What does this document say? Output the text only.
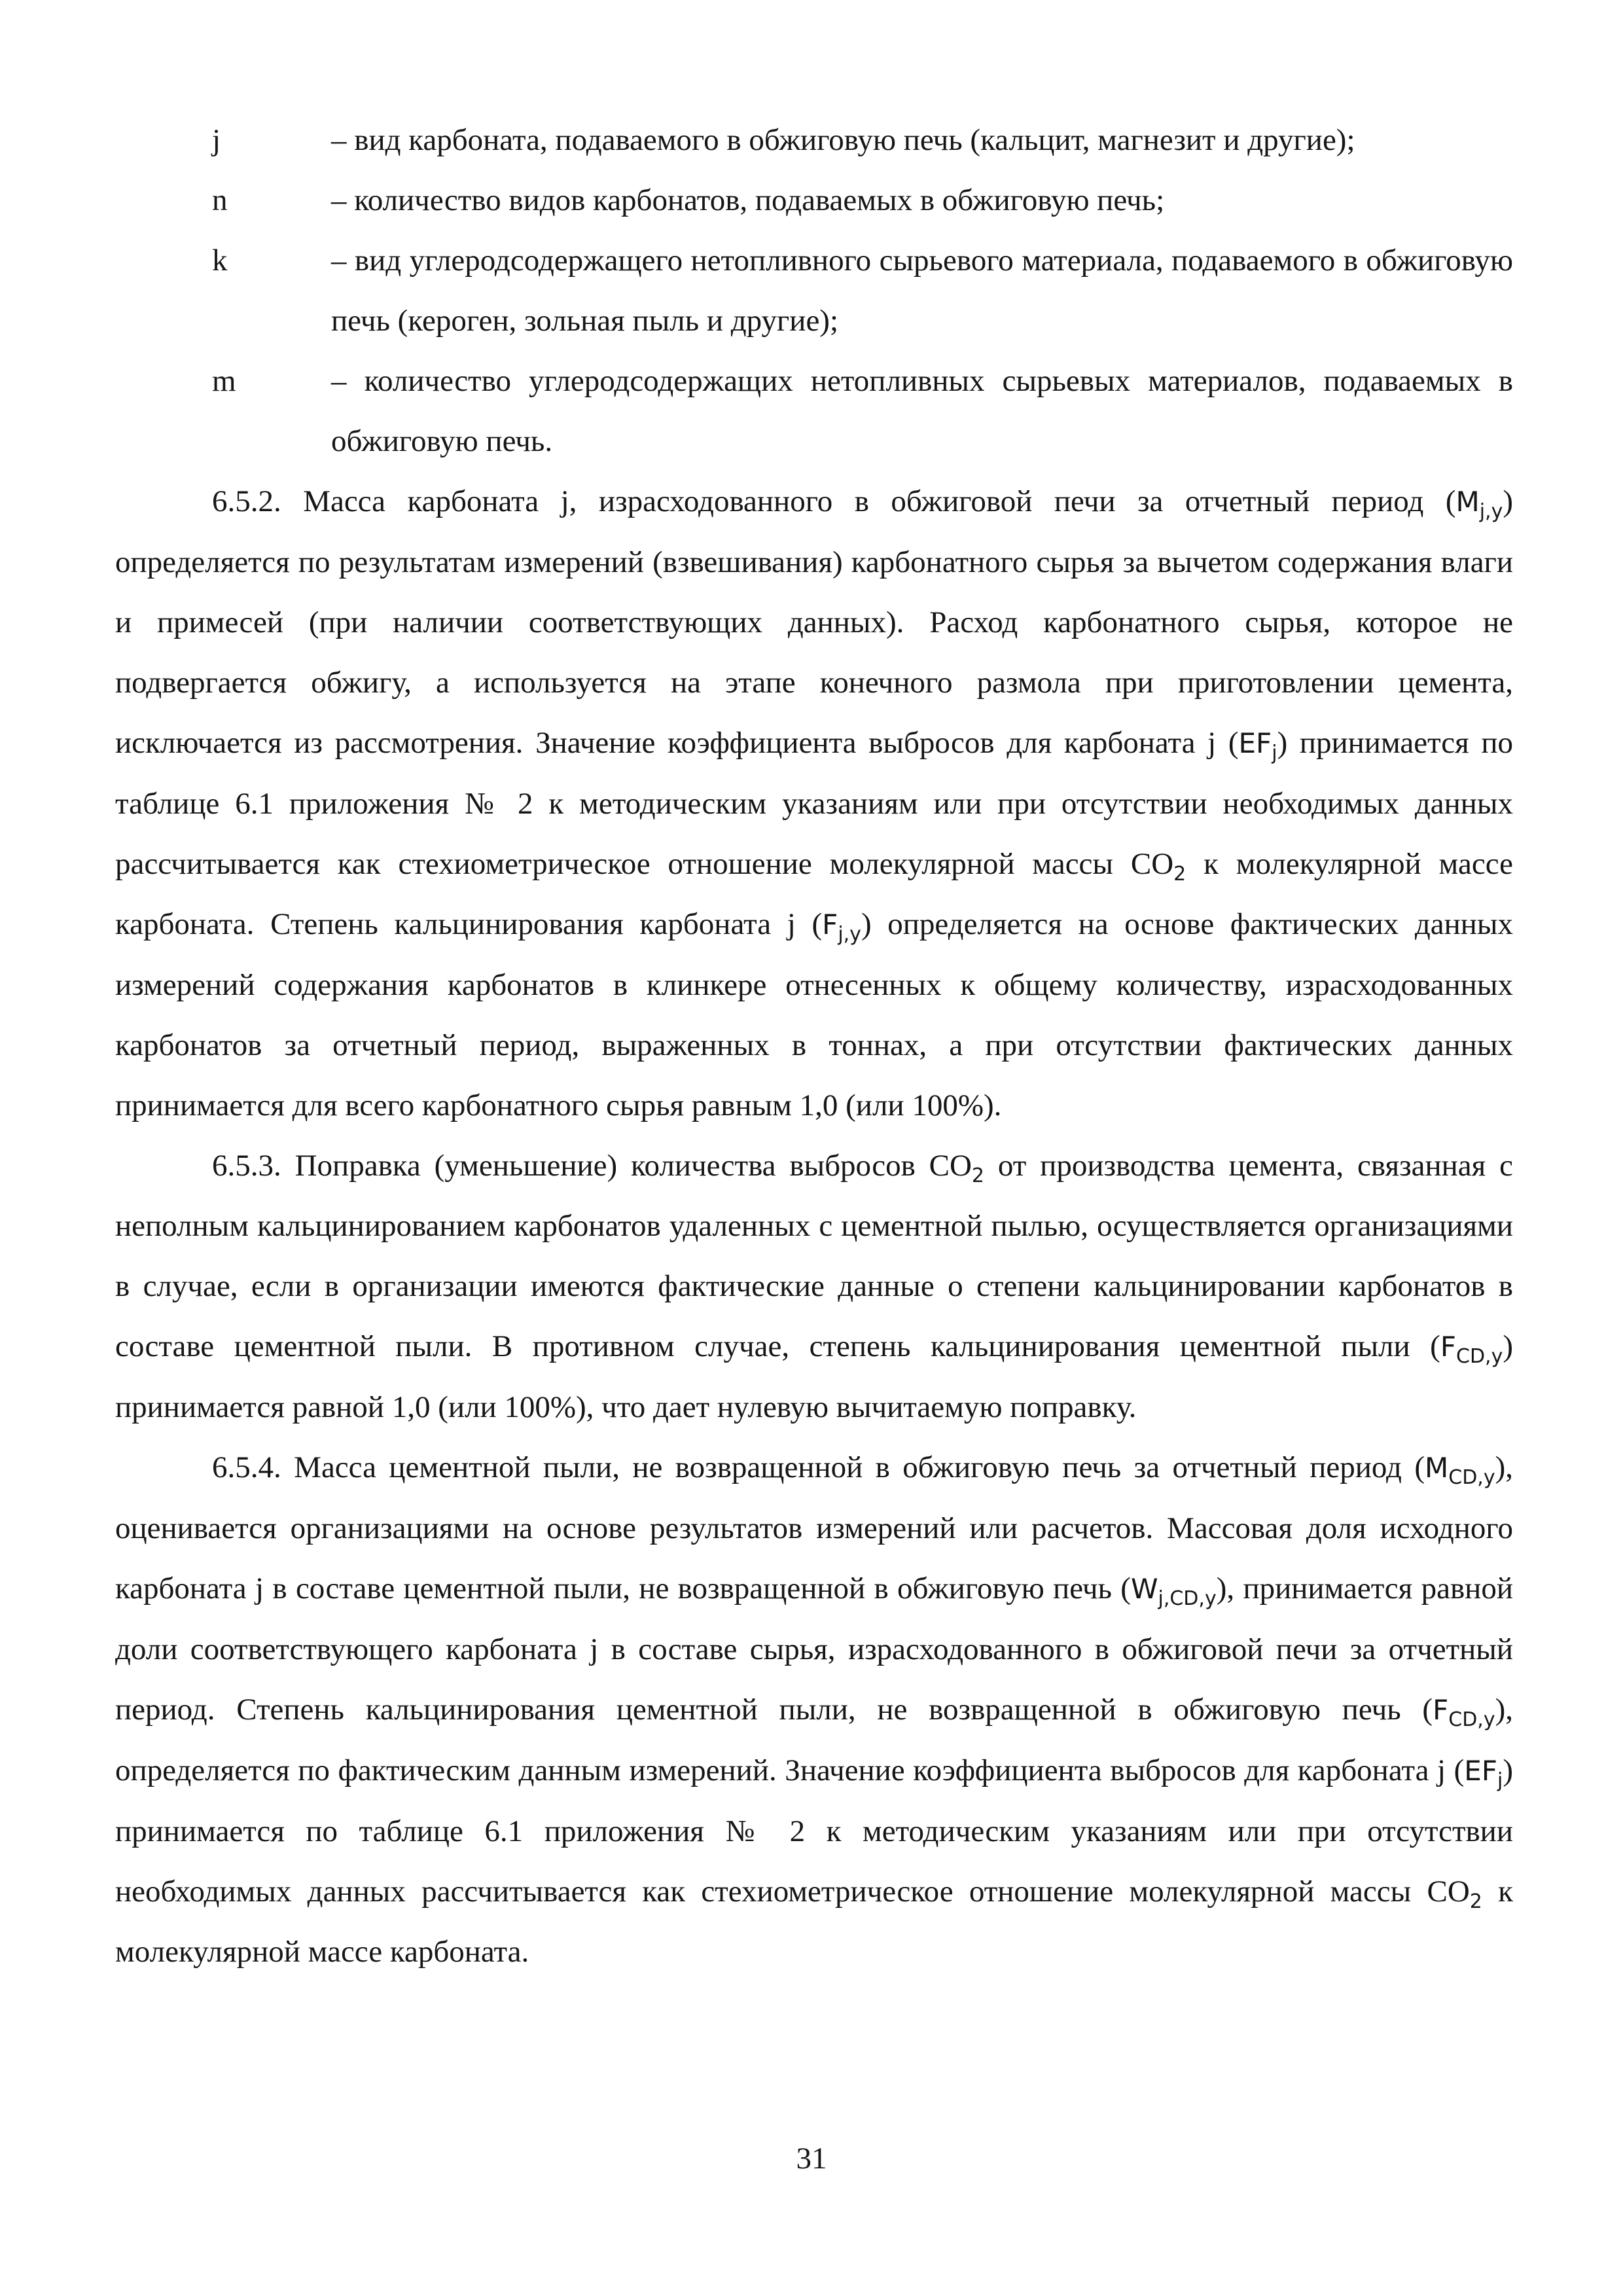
j	– вид карбоната, подаваемого в обжиговую печь (кальцит, магнезит и другие);
n	– количество видов карбонатов, подаваемых в обжиговую печь;
k	– вид углеродсодержащего нетопливного сырьевого материала, подаваемого в обжиговую печь (кероген, зольная пыль и другие);
m	– количество углеродсодержащих нетопливных сырьевых материалов, подаваемых в обжиговую печь.

6.5.2. Масса карбоната j, израсходованного в обжиговой печи за отчетный период $(M_{j,y})$ определяется по результатам измерений (взвешивания) карбонатного сырья за вычетом содержания влаги и примесей (при наличии соответствующих данных). Расход карбонатного сырья, которое не подвергается обжигу, а используется на этапе конечного размола при приготовлении цемента, исключается из рассмотрения. Значение коэффициента выбросов для карбоната j $(EF_j)$ принимается по таблице 6.1 приложения № 2 к методическим указаниям или при отсутствии необходимых данных рассчитывается как стехиометрическое отношение молекулярной массы $CO_2$ к молекулярной массе карбоната. Степень кальцинирования карбоната j $(F_{j,y})$ определяется на основе фактических данных измерений содержания карбонатов в клинкере отнесенных к общему количеству, израсходованных карбонатов за отчетный период, выраженных в тоннах, а при отсутствии фактических данных принимается для всего карбонатного сырья равным 1,0 (или 100%).

6.5.3. Поправка (уменьшение) количества выбросов $CO_2$ от производства цемента, связанная с неполным кальцинированием карбонатов удаленных с цементной пылью, осуществляется организациями в случае, если в организации имеются фактические данные о степени кальцинировании карбонатов в составе цементной пыли. В противном случае, степень кальцинирования цементной пыли $(F_{CD,y})$ принимается равной 1,0 (или 100%), что дает нулевую вычитаемую поправку.

6.5.4. Масса цементной пыли, не возвращенной в обжиговую печь за отчетный период $(M_{CD,y})$, оценивается организациями на основе результатов измерений или расчетов. Массовая доля исходного карбоната j в составе цементной пыли, не возвращенной в обжиговую печь $(W_{j,CD,y})$, принимается равной доли соответствующего карбоната j в составе сырья, израсходованного в обжиговой печи за отчетный период. Степень кальцинирования цементной пыли, не возвращенной в обжиговую печь $(F_{CD,y})$, определяется по фактическим данным измерений. Значение коэффициента выбросов для карбоната j $(EF_j)$ принимается по таблице 6.1 приложения № 2 к методическим указаниям или при отсутствии необходимых данных рассчитывается как стехиометрическое отношение молекулярной массы $CO_2$ к молекулярной массе карбоната.

31
